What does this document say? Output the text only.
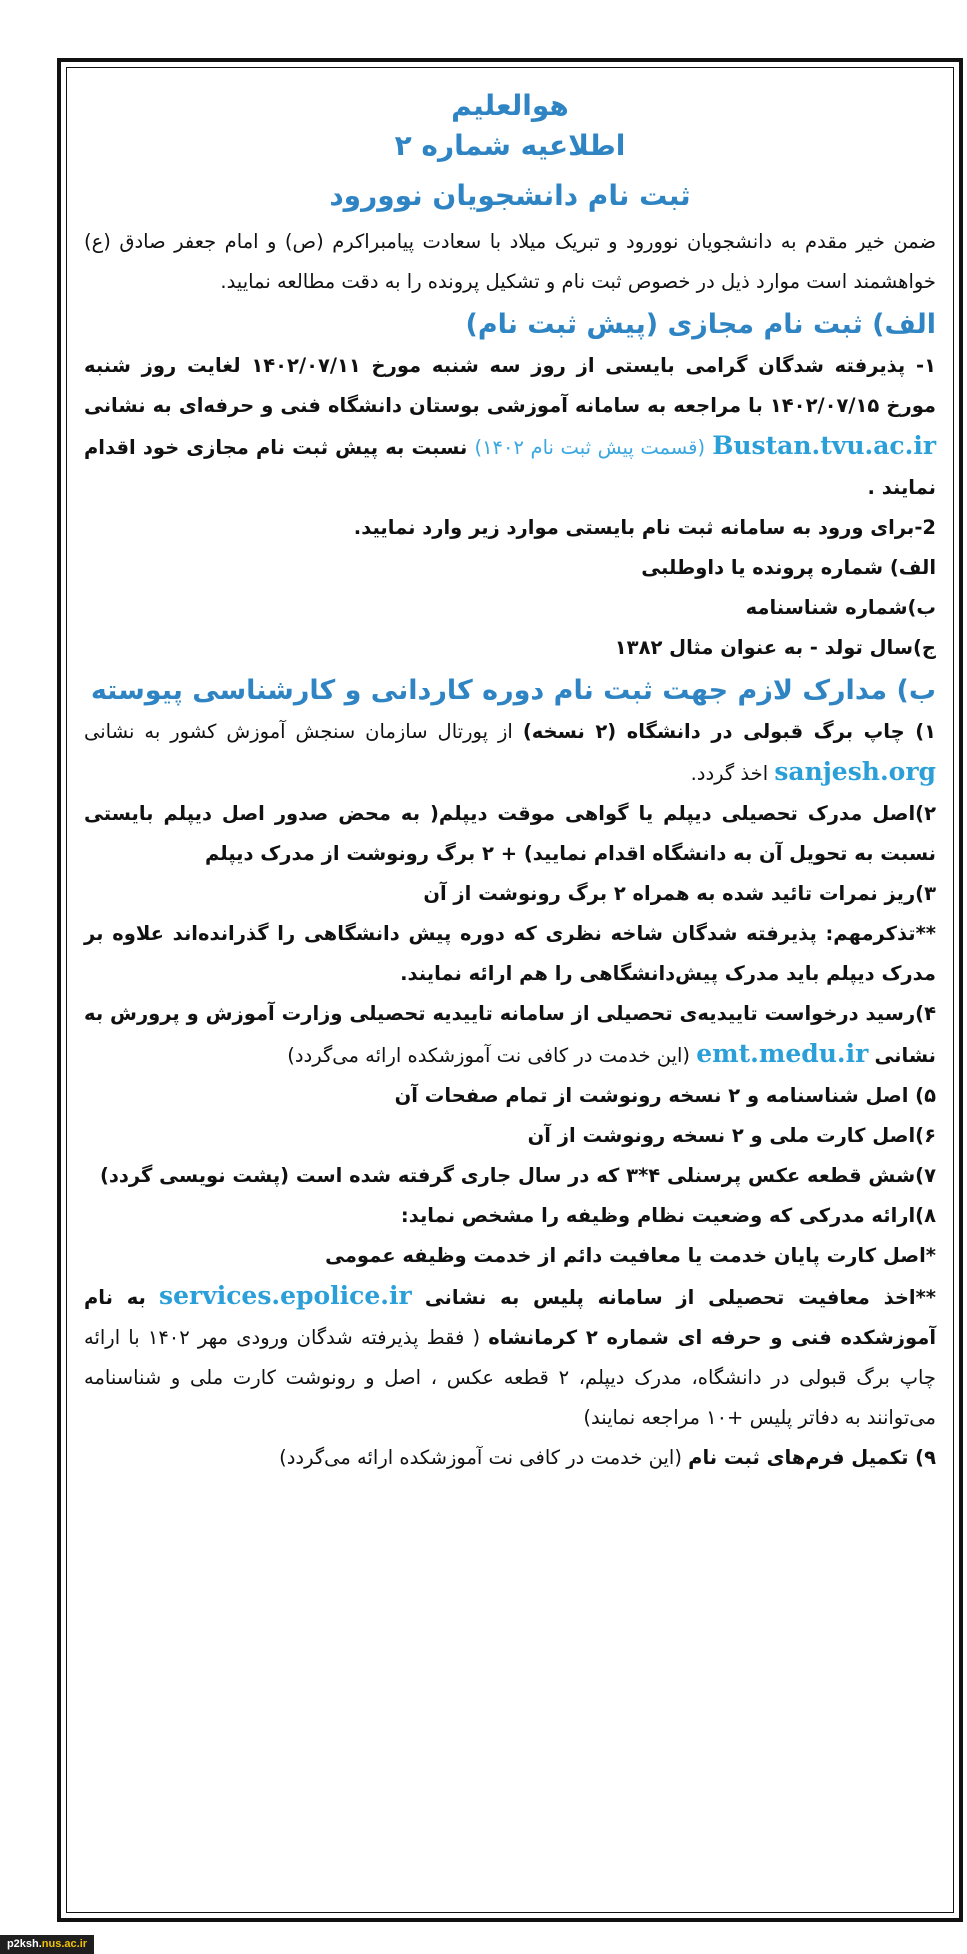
هوالعلیم
اطلاعیه شماره ۲
ثبت نام دانشجویان نوورود
ضمن خیر مقدم به دانشجویان نوورود و تبریک میلاد با سعادت پیامبراکرم (ص) و امام جعفر صادق (ع) خواهشمند است موارد ذیل در خصوص ثبت نام و تشکیل پرونده را به دقت مطالعه نمایید.
الف) ثبت نام مجازی (پیش ثبت نام)
۱- پذیرفته شدگان گرامی بایستی از روز سه شنبه مورخ ۱۴۰۲/۰۷/۱۱ لغایت روز شنبه مورخ ۱۴۰۲/۰۷/۱۵ با مراجعه به سامانه آموزشی بوستان دانشگاه فنی و حرفه‌ای به نشانی Bustan.tvu.ac.ir (قسمت پیش ثبت نام ۱۴۰۲) نسبت به پیش ثبت نام مجازی خود اقدام نمایند .
2-برای ورود به سامانه ثبت نام بایستی موارد زیر وارد نمایید.
الف) شماره پرونده یا داوطلبی
ب)شماره شناسنامه
ج)سال تولد - به عنوان مثال ۱۳۸۲
ب) مدارک لازم جهت ثبت نام دوره کاردانی و کارشناسی پیوسته
۱) چاپ برگ قبولی در دانشگاه (۲ نسخه) از پورتال سازمان سنجش آموزش کشور به نشانی sanjesh.org اخذ گردد.
۲)اصل مدرک تحصیلی دیپلم یا گواهی موقت دیپلم( به محض صدور اصل دیپلم بایستی نسبت به تحویل آن به دانشگاه اقدام نمایید) + ۲ برگ رونوشت از مدرک دیپلم
۳)ریز نمرات تائید شده به همراه ۲ برگ رونوشت از آن
**تذکرمهم: پذیرفته شدگان شاخه نظری که دوره پیش دانشگاهی را گذرانده‌اند علاوه بر مدرک دیپلم باید مدرک پیش‌دانشگاهی را هم ارائه نمایند.
۴)رسید درخواست تاییدیه‌ی تحصیلی از سامانه تاییدیه تحصیلی وزارت آموزش و پرورش به نشانی emt.medu.ir (این خدمت در کافی نت آموزشکده ارائه می‌گردد)
۵) اصل شناسنامه و ۲ نسخه رونوشت از تمام صفحات آن
۶)اصل کارت ملی و ۲ نسخه رونوشت از آن
۷)شش قطعه عکس پرسنلی ۴*۳ که در سال جاری گرفته شده است (پشت نویسی گردد)
۸)ارائه مدرکی که وضعیت نظام وظیفه را مشخص نماید:
*اصل کارت پایان خدمت یا معافیت دائم از خدمت وظیفه عمومی
**اخذ معافیت تحصیلی از سامانه پلیس به نشانی services.epolice.ir به نام آموزشکده فنی و حرفه ای شماره ۲ کرمانشاه ( فقط پذیرفته شدگان ورودی مهر ۱۴۰۲ با ارائه چاپ برگ قبولی در دانشگاه، مدرک دیپلم، ۲ قطعه عکس ، اصل و رونوشت کارت ملی و شناسنامه می‌توانند به دفاتر پلیس +۱۰ مراجعه نمایند)
۹) تکمیل فرم‌های ثبت نام (این خدمت در کافی نت آموزشکده ارائه می‌گردد)
p2ksh.nus.ac.ir
